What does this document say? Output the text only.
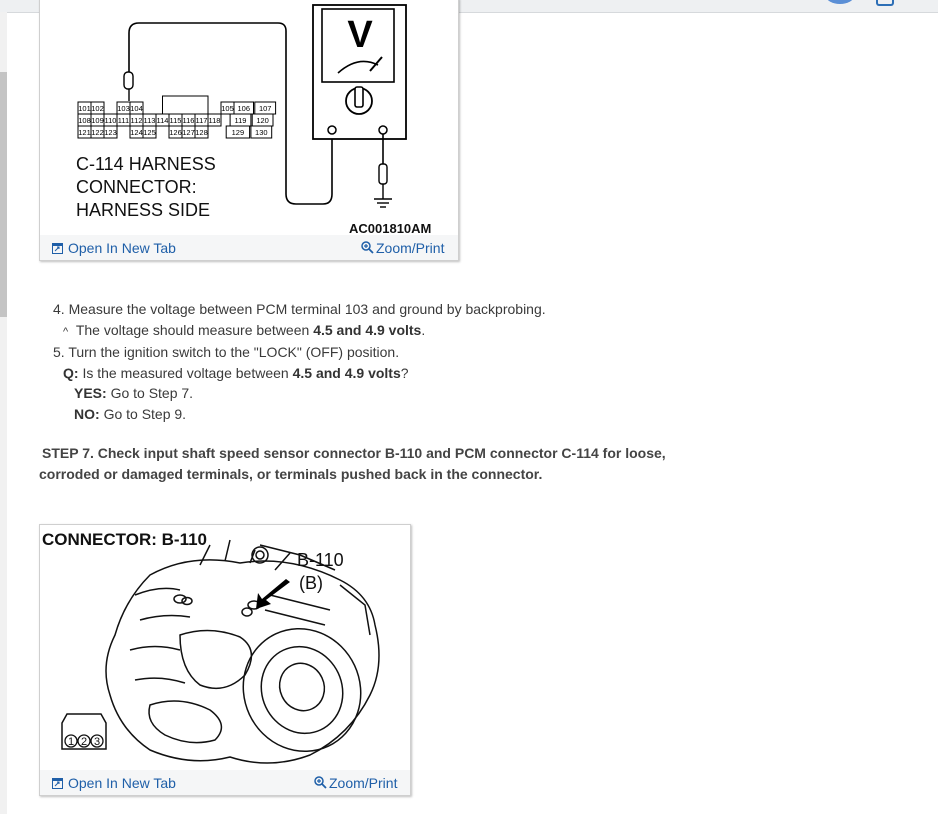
101 102 103 104	105 106 107
108 109 110 111 112 113 114 115 116 117 118 119 120
121 122 123 124 125 126 127 128	129 130
V
C-114 HARNESS
CONNECTOR:
HARNESS SIDE
AC001810AM
Open In New Tab	Zoom/Print

4. Measure the voltage between PCM terminal 103 and ground by backprobing.

^ The voltage should measure between 4.5 and 4.9 volts.

5. Turn the ignition switch to the "LOCK" (OFF) position.

Q: Is the measured voltage between 4.5 and 4.9 volts?

YES: Go to Step 7.

NO: Go to Step 9.

STEP 7. Check input shaft speed sensor connector B-110 and PCM connector C-114 for loose,

corroded or damaged terminals, or terminals pushed back in the connector.

CONNECTOR: B-110
B-110
(B)
1 2 3
Open In New Tab	Zoom/Print
